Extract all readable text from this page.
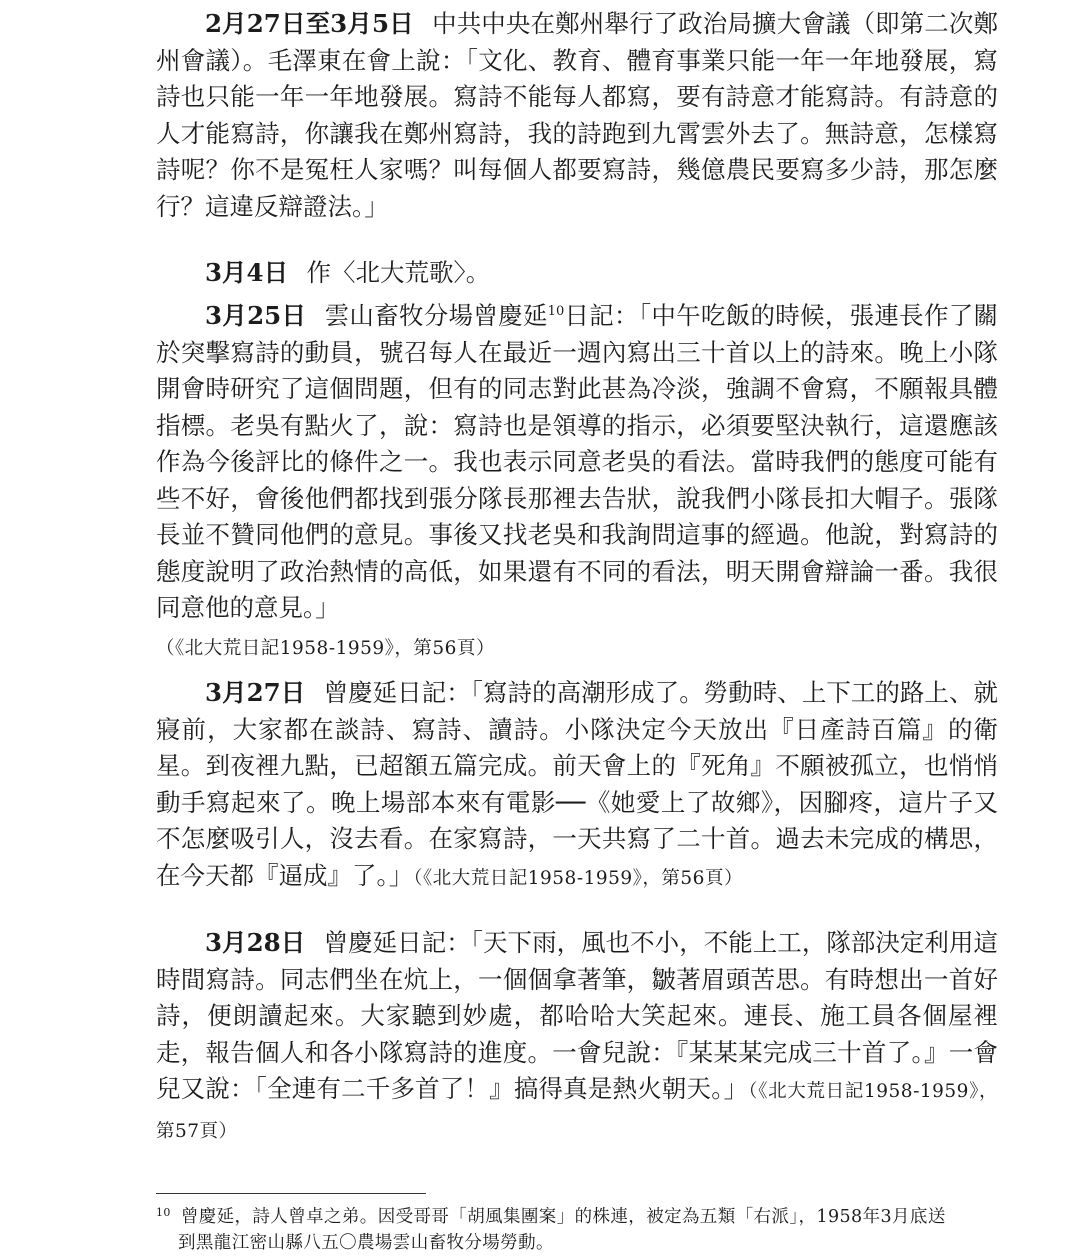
2月27日至3月5日 中共中央在鄭州舉行了政治局擴大會議（即第二次鄭州會議）。毛澤東在會上說：「文化、教育、體育事業只能一年一年地發展，寫詩也只能一年一年地發展。寫詩不能每人都寫，要有詩意才能寫詩。有詩意的人才能寫詩，你讓我在鄭州寫詩，我的詩跑到九霄雲外去了。無詩意，怎樣寫詩呢？你不是冤枉人家嗎？叫每個人都要寫詩，幾億農民要寫多少詩，那怎麼行？這違反辯證法。」

3月4日 作〈北大荒歌〉。

3月25日 雲山畜牧分場曾慶延$^{10}$日記：「中午吃飯的時候，張連長作了關於突擊寫詩的動員，號召每人在最近一週內寫出三十首以上的詩來。晚上小隊開會時研究了這個問題，但有的同志對此甚為冷淡，強調不會寫，不願報具體指標。老吳有點火了，說：寫詩也是領導的指示，必須要堅決執行，這還應該作為今後評比的條件之一。我也表示同意老吳的看法。當時我們的態度可能有些不好，會後他們都找到張分隊長那裡去告狀，說我們小隊長扣大帽子。張隊長並不贊同他們的意見。事後又找老吳和我詢問這事的經過。他說，對寫詩的態度說明了政治熱情的高低，如果還有不同的看法，明天開會辯論一番。我很同意他的意見。」

（《北大荒日記1958-1959》，第56頁）

3月27日 曾慶延日記：「寫詩的高潮形成了。勞動時、上下工的路上、就寢前，大家都在談詩、寫詩、讀詩。小隊決定今天放出『日產詩百篇』的衛星。到夜裡九點，已超額五篇完成。前天會上的『死角』不願被孤立，也悄悄動手寫起來了。晚上場部本來有電影──《她愛上了故鄉》，因腳疼，這片子又不怎麼吸引人，沒去看。在家寫詩，一天共寫了二十首。過去未完成的構思，在今天都『逼成』了。」（《北大荒日記1958-1959》，第56頁）

3月28日 曾慶延日記：「天下雨，風也不小，不能上工，隊部決定利用這時間寫詩。同志們坐在炕上，一個個拿著筆，皺著眉頭苦思。有時想出一首好詩，便朗讀起來。大家聽到妙處，都哈哈大笑起來。連長、施工員各個屋裡走，報告個人和各小隊寫詩的進度。一會兒說：『某某某完成三十首了。』一會兒又說：「全連有二千多首了！』搞得真是熱火朝天。」（《北大荒日記1958-1959》，第57頁）

$^{10}$ 曾慶延，詩人曾卓之弟。因受哥哥「胡風集團案」的株連，被定為五類「右派」，1958年3月底送
到黑龍江密山縣八五〇農場雲山畜牧分場勞動。
